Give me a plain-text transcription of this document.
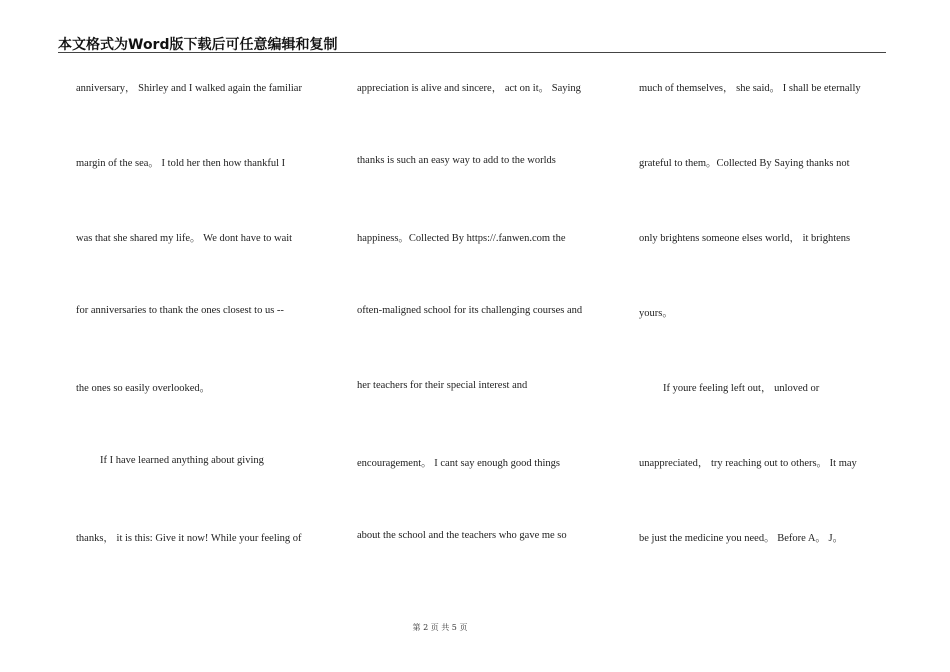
本文格式为Word版下载后可任意编辑和复制
anniversary， Shirley and I walked again the familiar
margin of the sea。 I told her then how thankful I
was that she shared my life。 We dont have to wait
for anniversaries to thank the ones closest to us --
the ones so easily overlooked。
If I have learned anything about giving
thanks， it is this: Give it now! While your feeling of
appreciation is alive and sincere， act on it。 Saying
thanks is such an easy way to add to the worlds
happiness。Collected By https://.fanwen.com the
often-maligned school for its challenging courses and
her teachers for their special interest and
encouragement。 I cant say enough good things
about the school and the teachers who gave me so
much of themselves， she said。 I shall be eternally
grateful to them。Collected By Saying thanks not
only brightens someone elses world， it brightens
yours。
If youre feeling left out， unloved or
unappreciated， try reaching out to others。 It may
be just the medicine you need。 Before A。 J。
第 2 页 共 5 页
